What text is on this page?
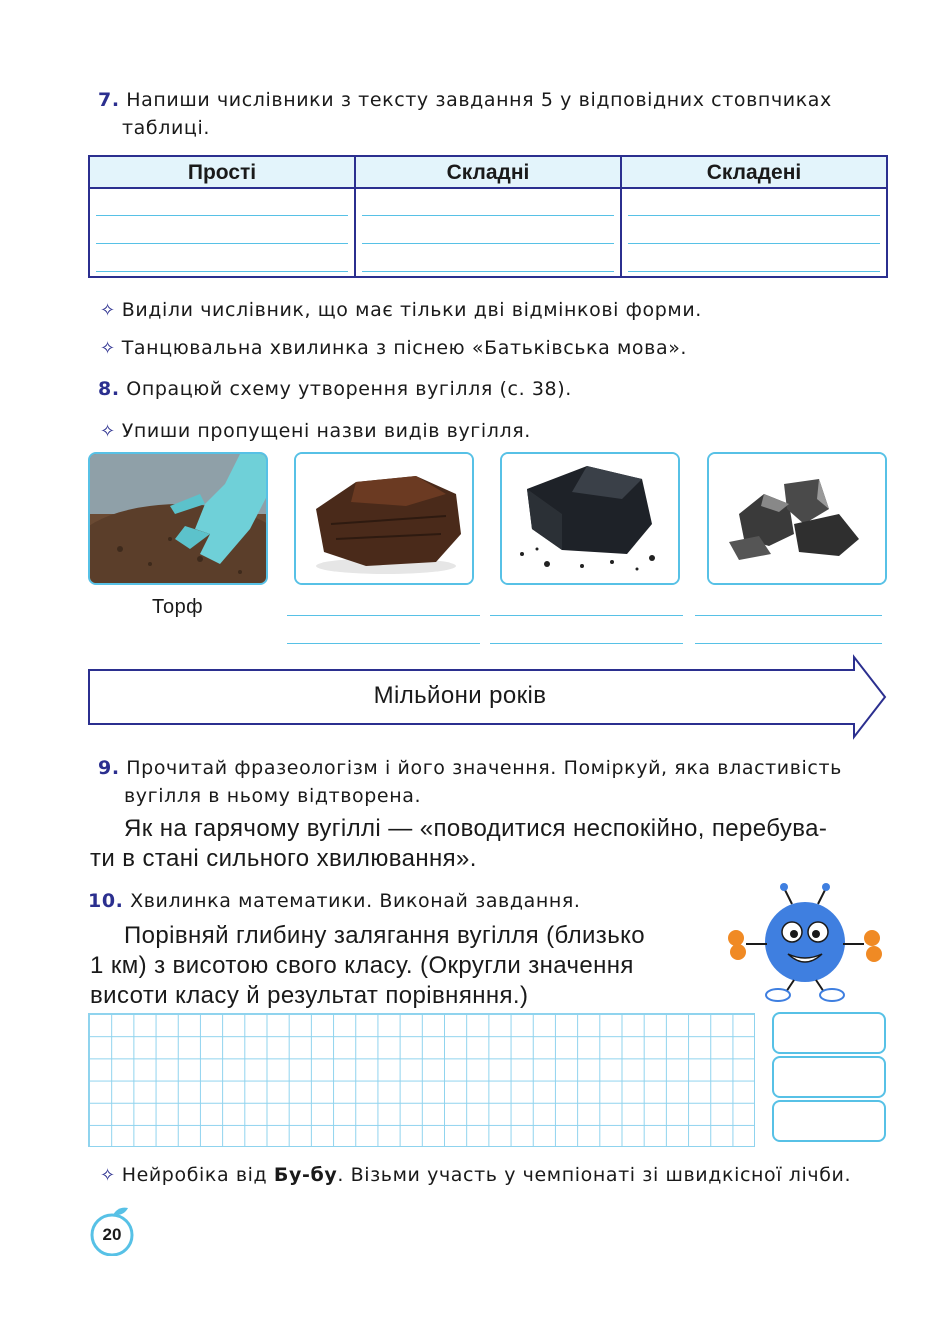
7. Напиши числівники з тексту завдання 5 у відповідних стовпчиках
таблиці.
Прості	Складні	Складені
✧ Виділи числівник, що має тільки дві відмінкові форми.
✧ Танцювальна хвилинка з піснею «Батьківська мова».
8. Опрацюй схему утворення вугілля (с. 38).
✧ Упиши пропущені назви видів вугілля.
Торф
Мільйони років
9. Прочитай фразеологізм і його значення. Поміркуй, яка властивість
вугілля в ньому відтворена.
Як на гарячому вугіллі — «поводитися неспокійно, перебува-
ти в стані сильного хвилювання».
10. Хвилинка математики. Виконай завдання.
Порівняй глибину залягання вугілля (близько
1 км) з висотою свого класу. (Округли значення
висоти класу й результат порівняння.)
✧ Нейробіка від Бу-бу. Візьми участь у чемпіонаті зі швидкісної лічби.
20
